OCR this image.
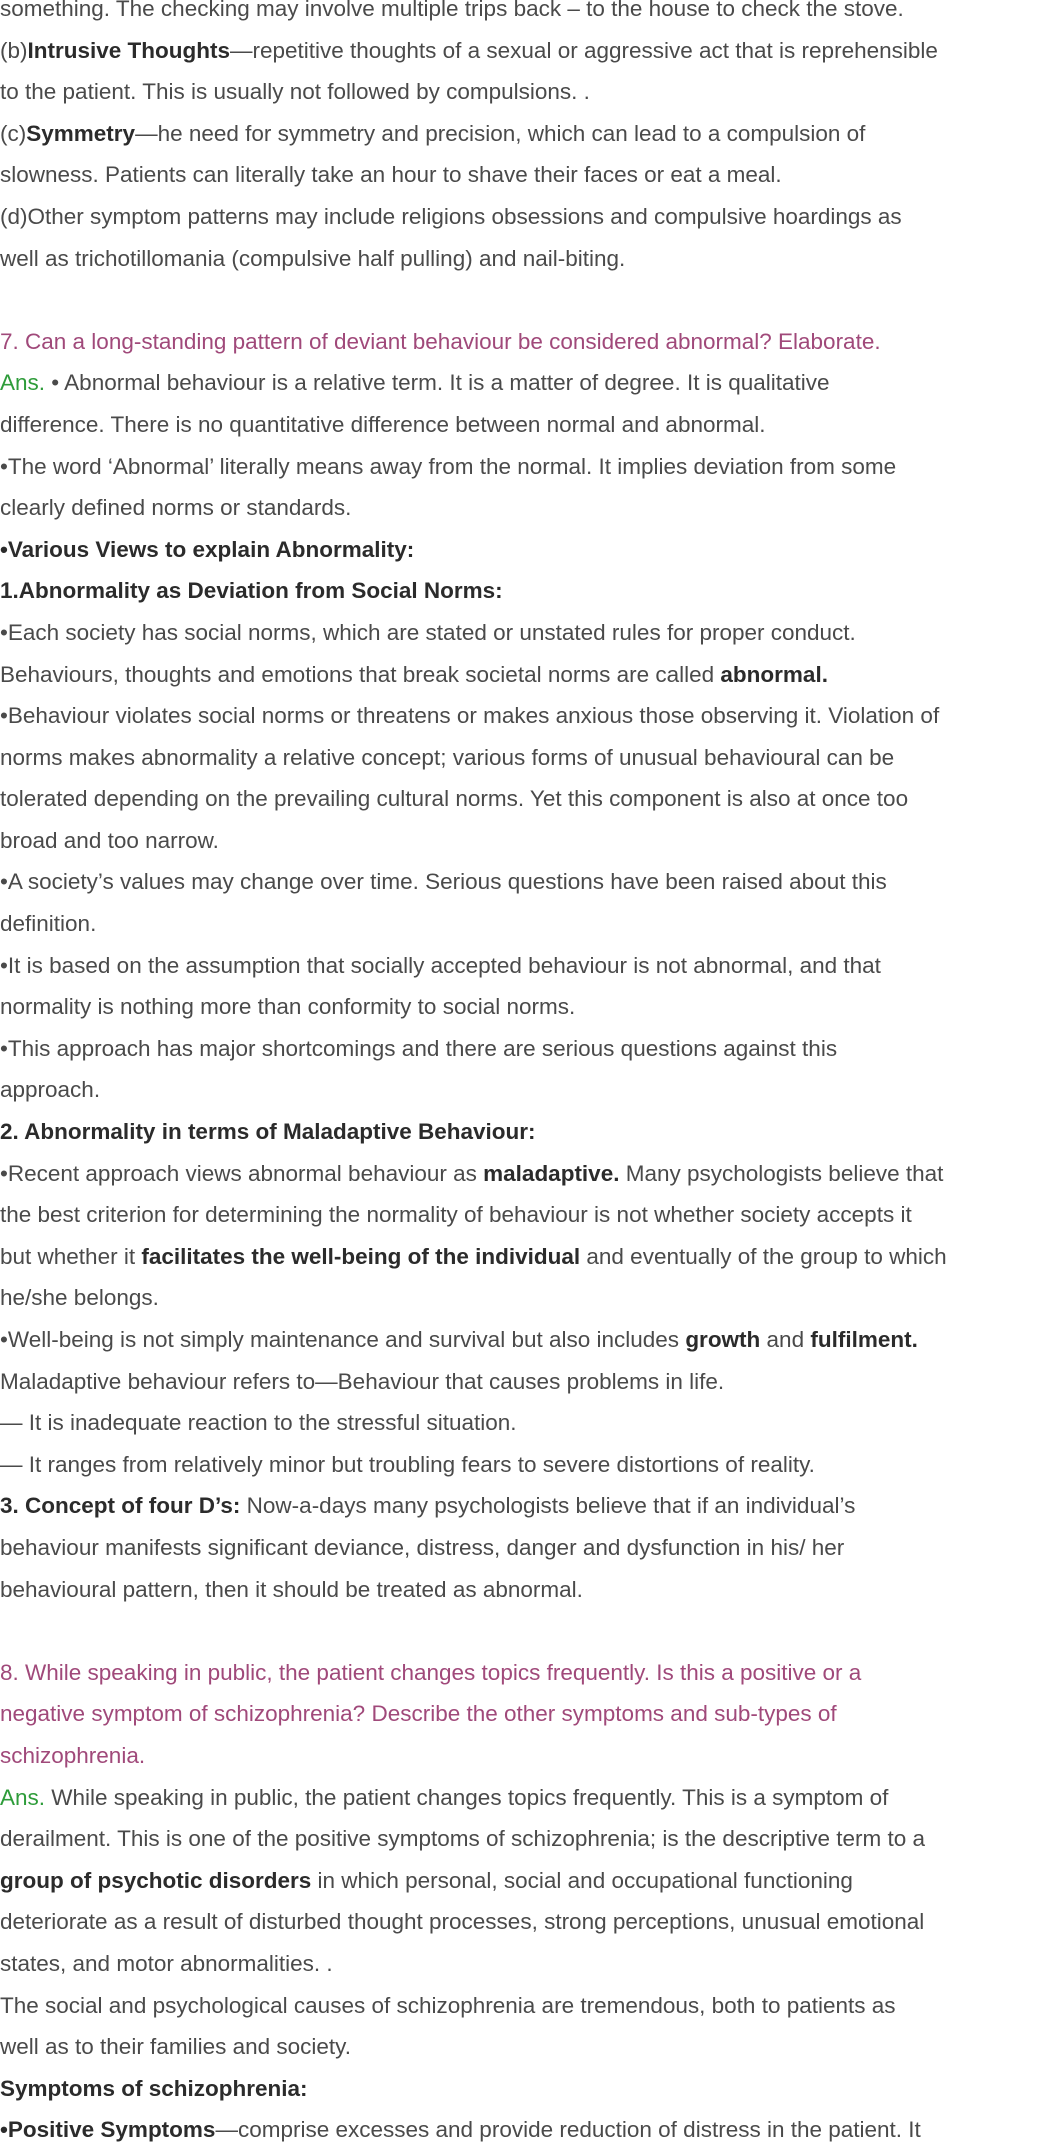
something. The checking may involve multiple trips back – to the house to check the stove.

(b)Intrusive Thoughts—repetitive thoughts of a sexual or aggressive act that is reprehensible

to the patient. This is usually not followed by compulsions. .

(c)Symmetry—he need for symmetry and precision, which can lead to a compulsion of

slowness. Patients can literally take an hour to shave their faces or eat a meal.

(d)Other symptom patterns may include religions obsessions and compulsive hoardings as

well as trichotillomania (compulsive half pulling) and nail-biting.

7. Can a long-standing pattern of deviant behaviour be considered abnormal? Elaborate.

Ans. • Abnormal behaviour is a relative term. It is a matter of degree. It is qualitative

difference. There is no quantitative difference between normal and abnormal.

•The word ‘Abnormal’ literally means away from the normal. It implies deviation from some

clearly defined norms or standards.

•Various Views to explain Abnormality:

1.Abnormality as Deviation from Social Norms:

•Each society has social norms, which are stated or unstated rules for proper conduct.

Behaviours, thoughts and emotions that break societal norms are called abnormal.

•Behaviour violates social norms or threatens or makes anxious those observing it. Violation of

norms makes abnormality a relative concept; various forms of unusual behavioural can be

tolerated depending on the prevailing cultural norms. Yet this component is also at once too

broad and too narrow.

•A society’s values may change over time. Serious questions have been raised about this

definition.

•It is based on the assumption that socially accepted behaviour is not abnormal, and that

normality is nothing more than conformity to social norms.

•This approach has major shortcomings and there are serious questions against this

approach.

2. Abnormality in terms of Maladaptive Behaviour:

•Recent approach views abnormal behaviour as maladaptive. Many psychologists believe that

the best criterion for determining the normality of behaviour is not whether society accepts it

but whether it facilitates the well-being of the individual and eventually of the group to which

he/she belongs.

•Well-being is not simply maintenance and survival but also includes growth and fulfilment.

Maladaptive behaviour refers to—Behaviour that causes problems in life.

— It is inadequate reaction to the stressful situation.

— It ranges from relatively minor but troubling fears to severe distortions of reality.

3. Concept of four D’s: Now-a-days many psychologists believe that if an individual’s

behaviour manifests significant deviance, distress, danger and dysfunction in his/ her

behavioural pattern, then it should be treated as abnormal.

8. While speaking in public, the patient changes topics frequently. Is this a positive or a

negative symptom of schizophrenia? Describe the other symptoms and sub-types of

schizophrenia.

Ans. While speaking in public, the patient changes topics frequently. This is a symptom of

derailment. This is one of the positive symptoms of schizophrenia; is the descriptive term to a

group of psychotic disorders in which personal, social and occupational functioning

deteriorate as a result of disturbed thought processes, strong perceptions, unusual emotional

states, and motor abnormalities. .

The social and psychological causes of schizophrenia are tremendous, both to patients as

well as to their families and society.

Symptoms of schizophrenia:

•Positive Symptoms—comprise excesses and provide reduction of distress in the patient. It
